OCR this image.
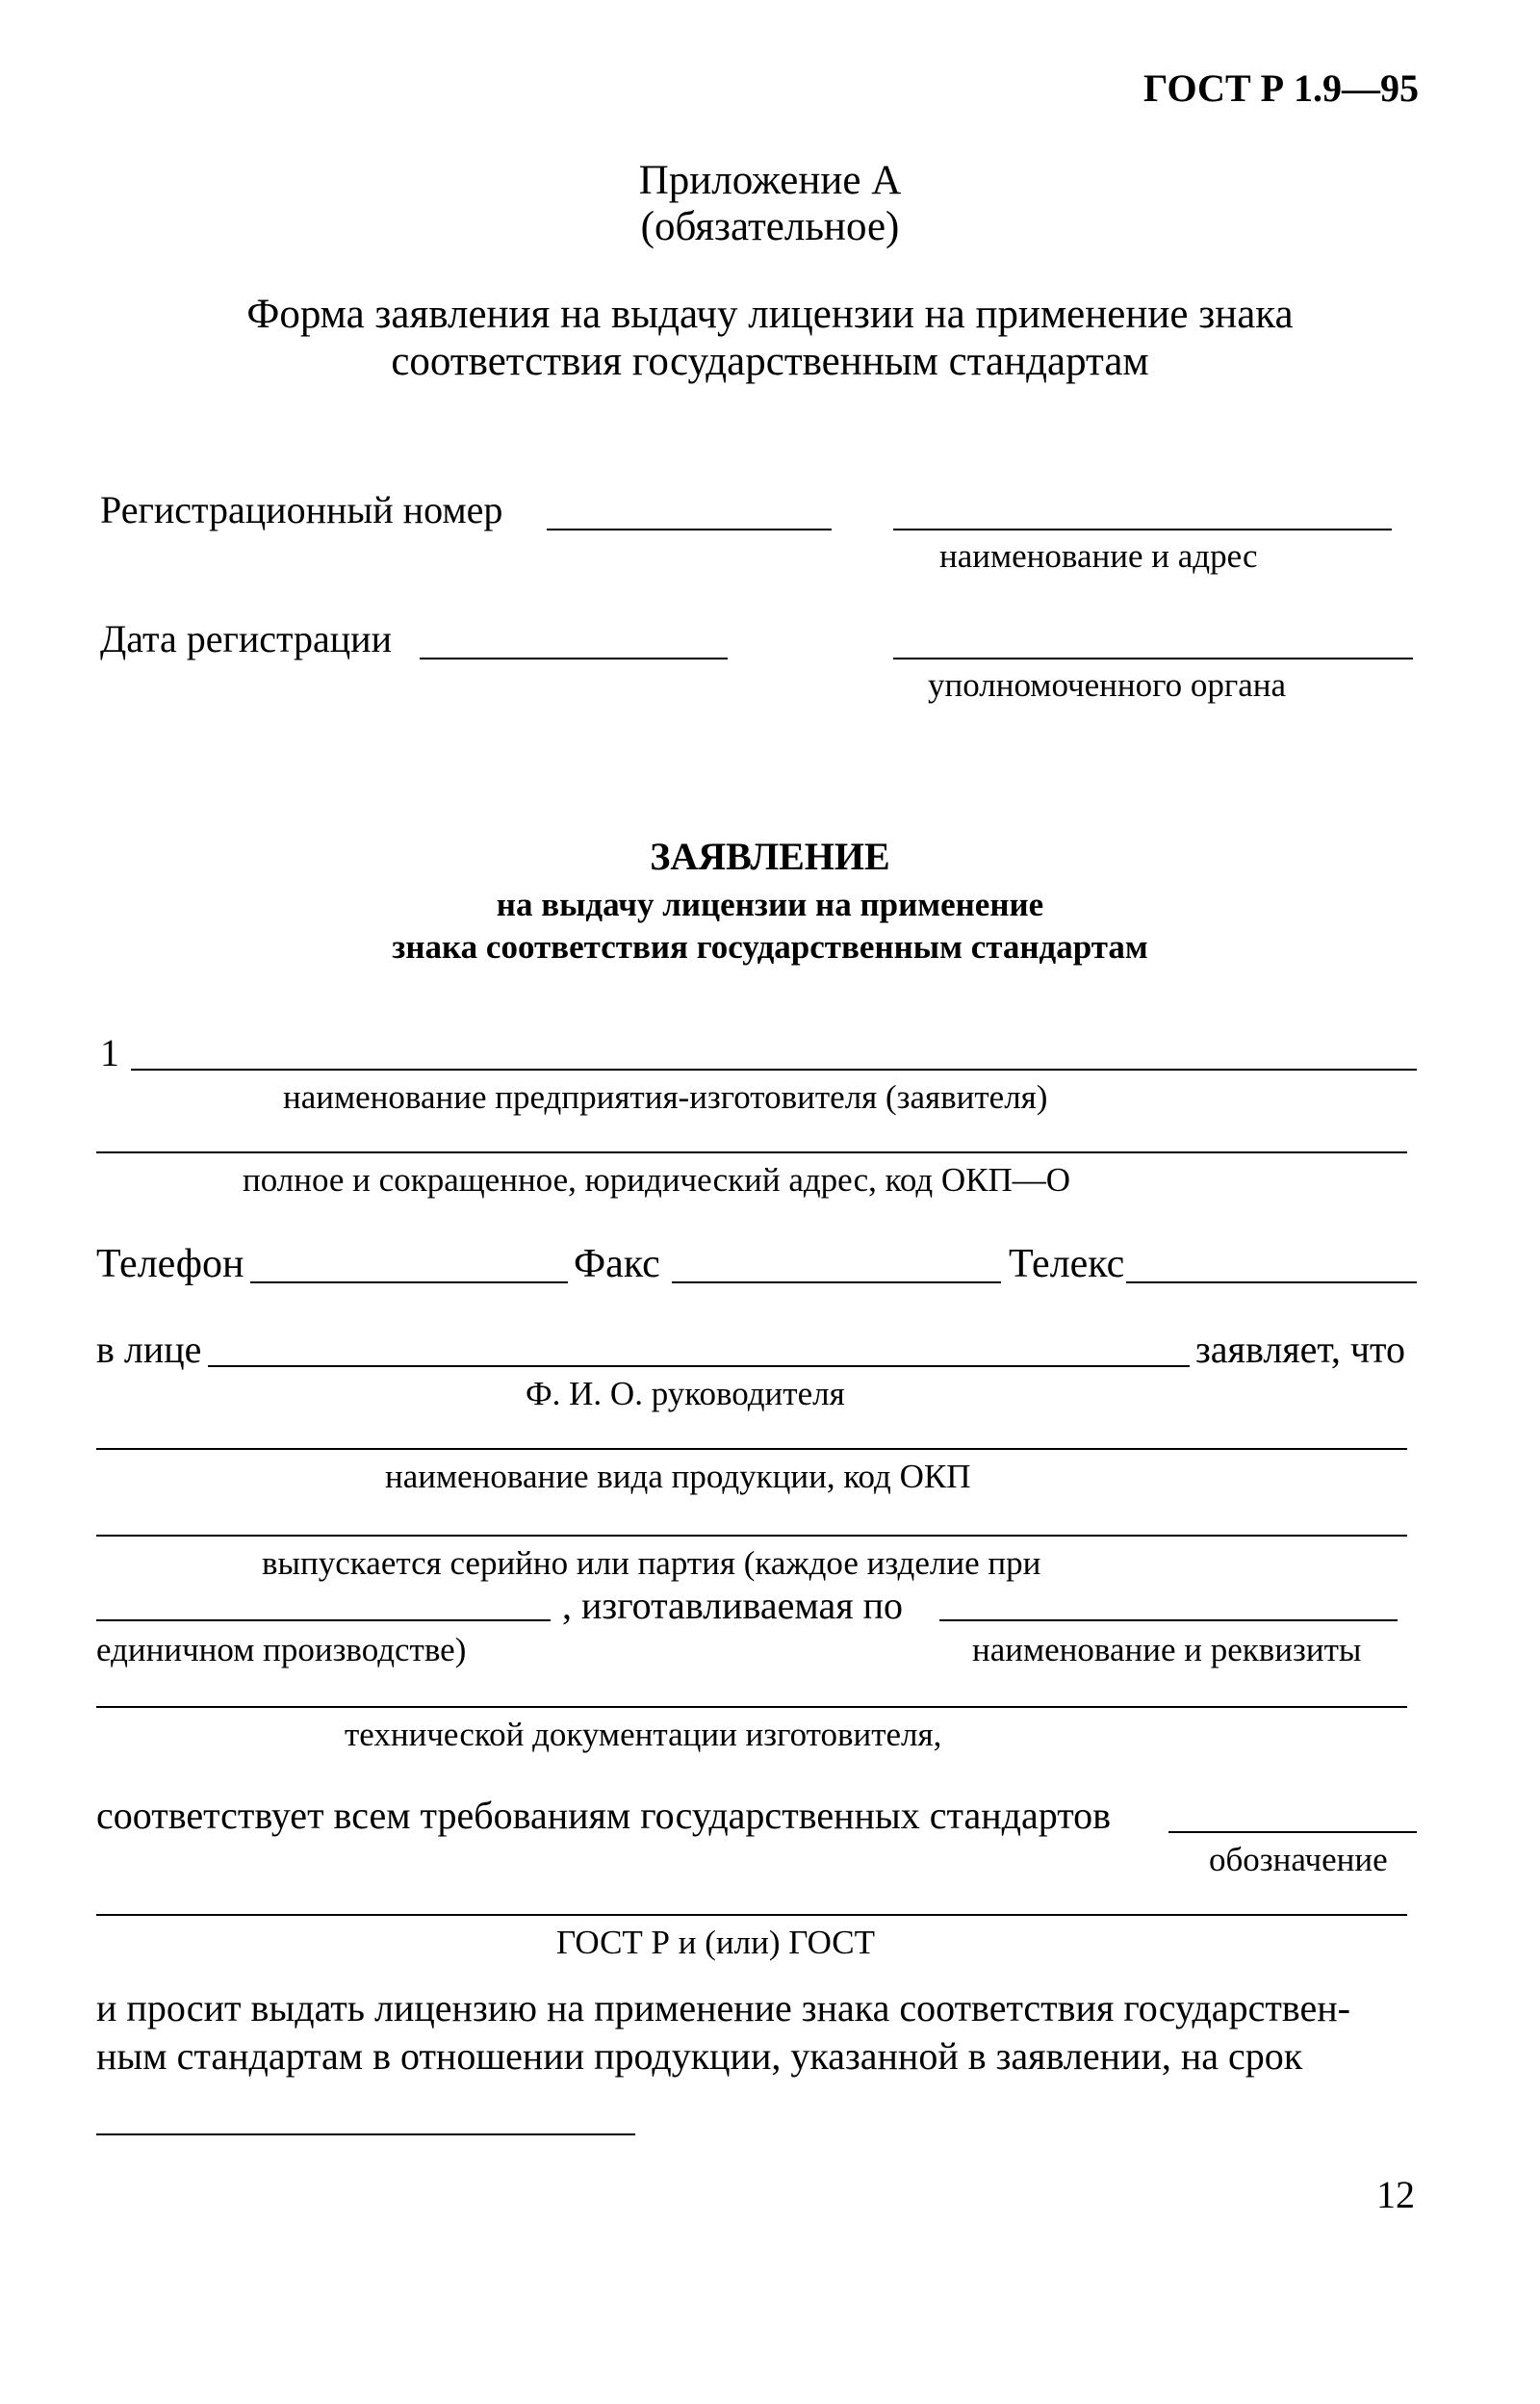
ГОСТ Р 1.9—95
Приложение А
(обязательное)
Форма заявления на выдачу лицензии на применение знака
соответствия государственным стандартам
Регистрационный номер
наименование и адрес
Дата регистрации
уполномоченного органа
ЗАЯВЛЕНИЕ
на выдачу лицензии на применение
знака соответствия государственным стандартам
1
наименование предприятия-изготовителя (заявителя)
полное и сокращенное, юридический адрес, код ОКП—О
Телефон	Факс	Телекс
в лице	заявляет, что
Ф. И. О. руководителя
наименование вида продукции, код ОКП
выпускается серийно или партия (каждое изделие при
, изготавливаемая по
единичном производстве)	наименование и реквизиты
технической документации изготовителя,
соответствует всем требованиям государственных стандартов
обозначение
ГОСТ Р и (или) ГОСТ
и просит выдать лицензию на применение знака соответствия государствен-
ным стандартам в отношении продукции, указанной в заявлении, на срок
12
